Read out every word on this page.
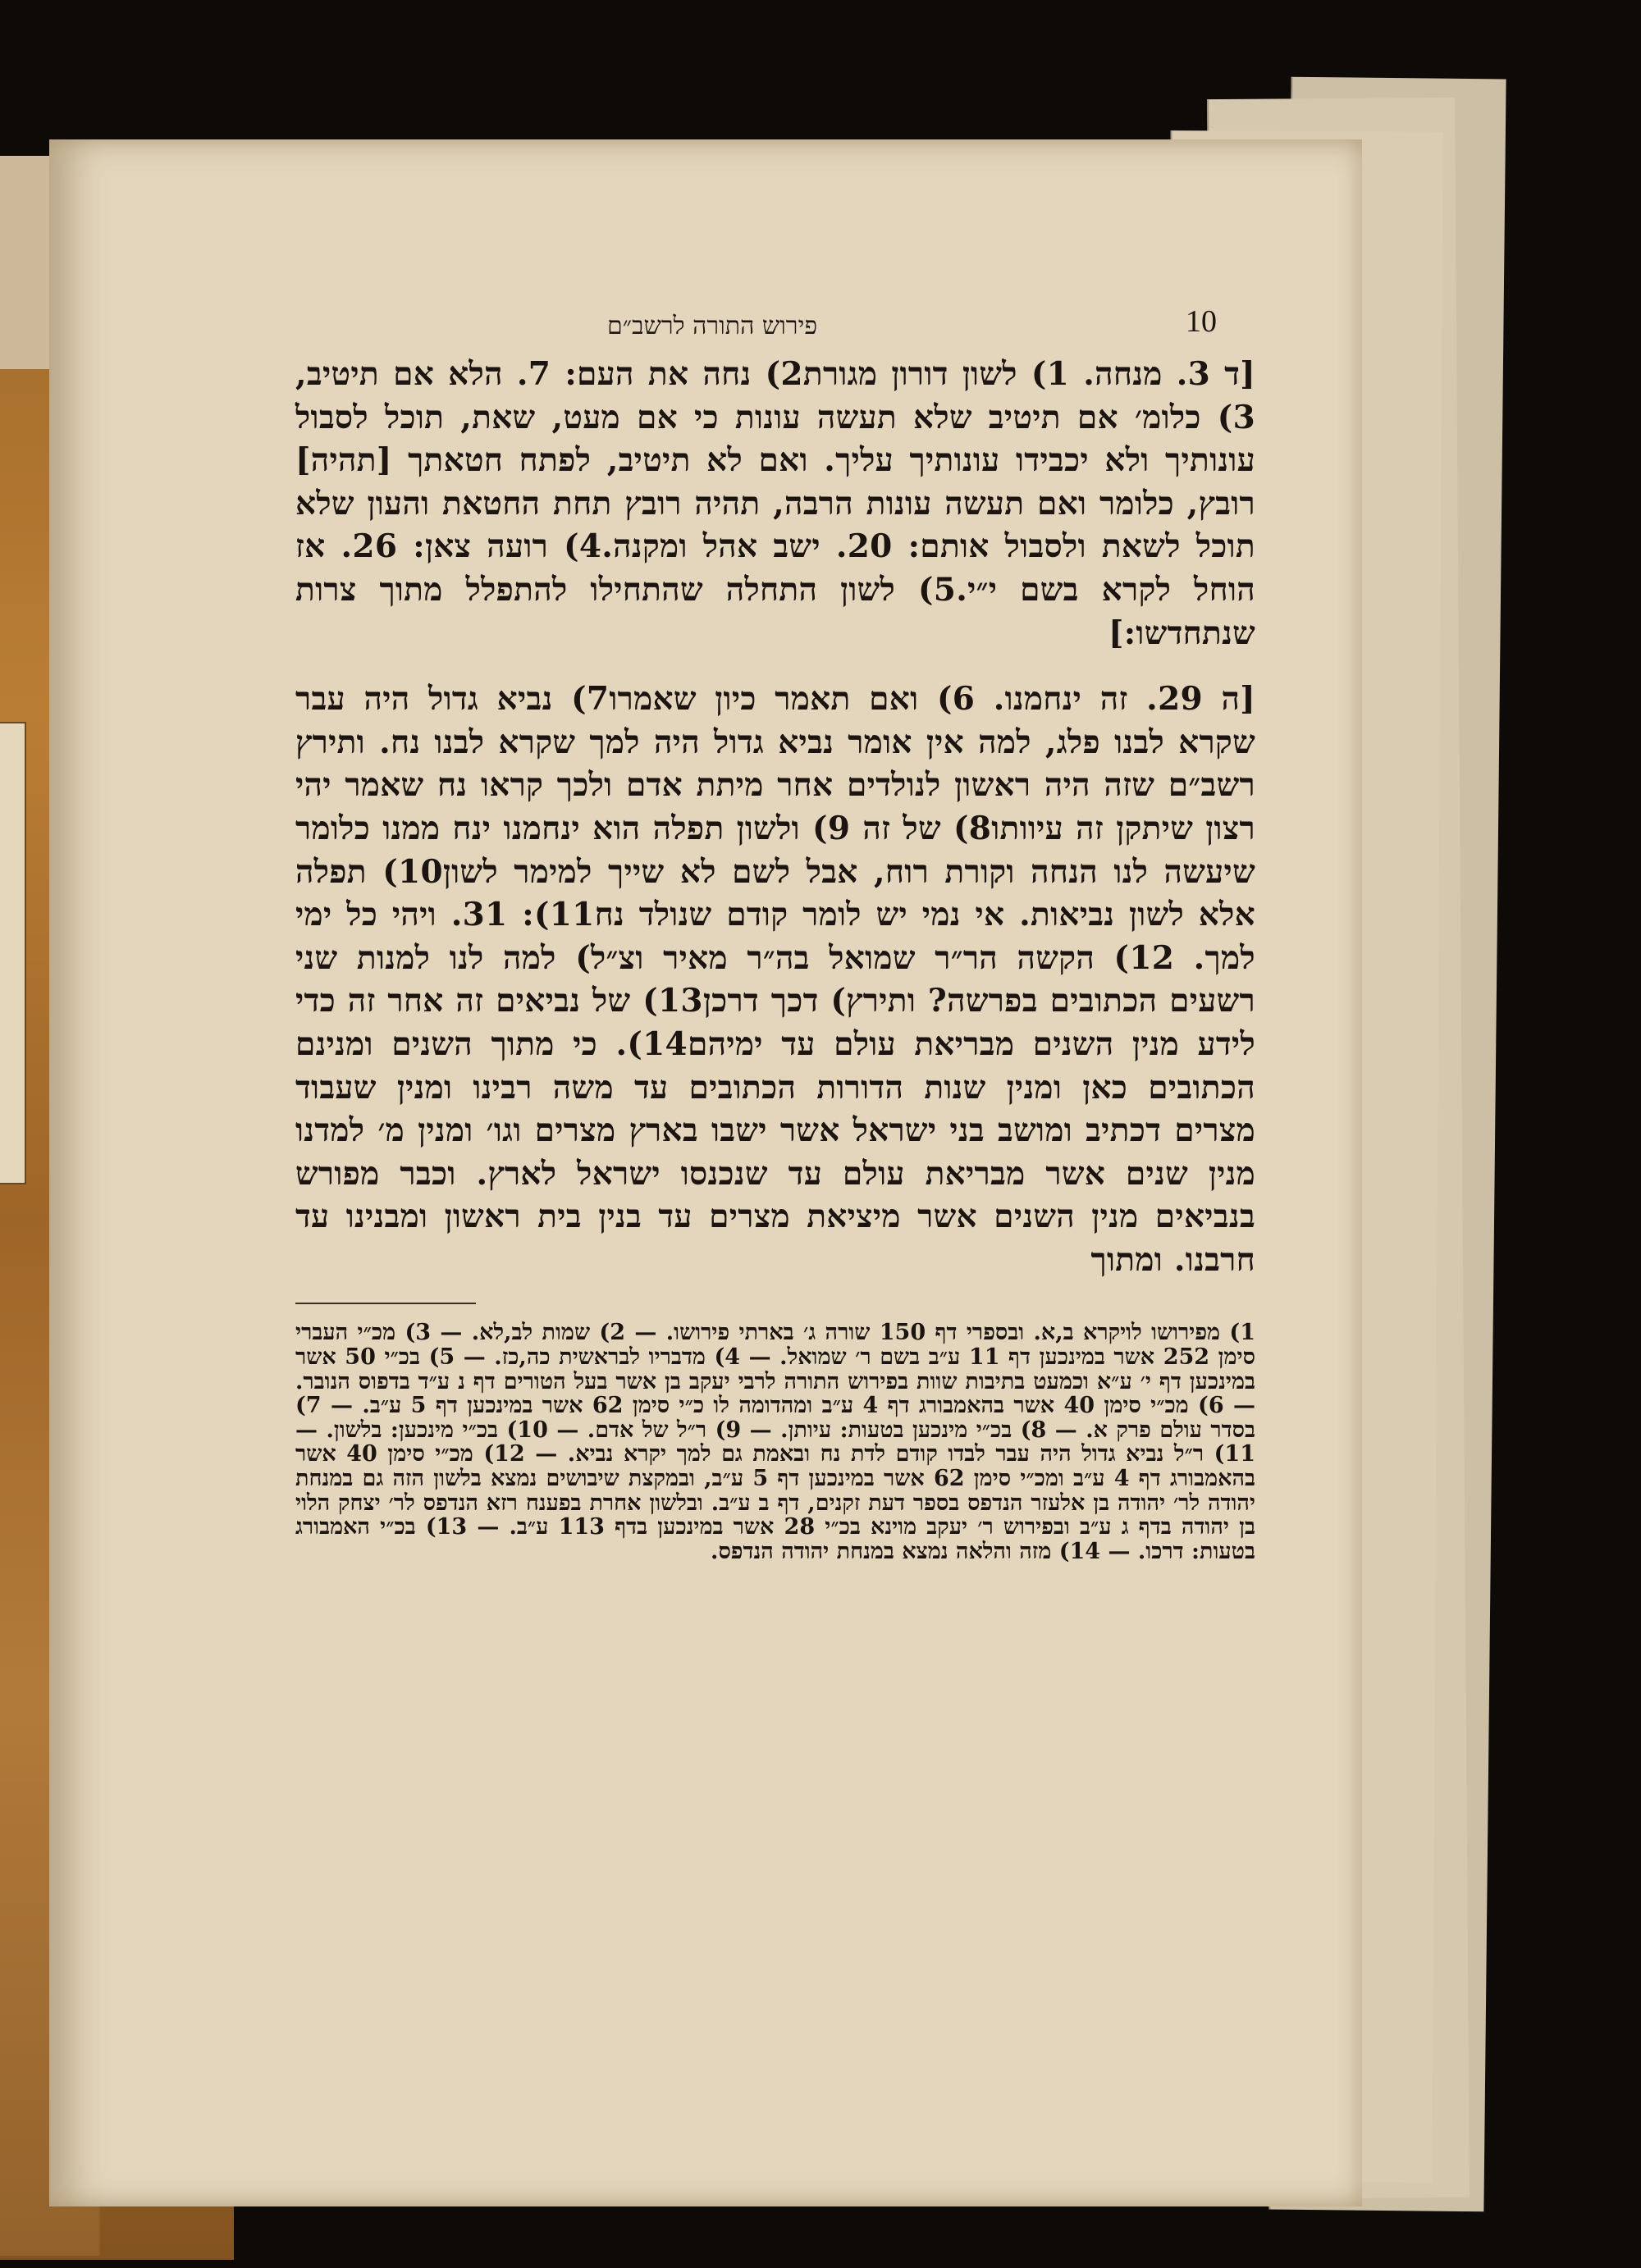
10
פירוש התורה לרשב״ם

[ד 3. מנחה. 1) לשון דורון מגורת2) נחה את העם: 7. הלא אם תיטיב, 3) כלומ׳ אם תיטיב שלא תעשה עונות כי אם מעט, שאת, תוכל לסבול עונותיך ולא יכבידו עונותיך עליך. ואם לא תיטיב, לפתח חטאתך [תהיה] רובץ, כלומר ואם תעשה עונות הרבה, תהיה רובץ תחת החטאת והעון שלא תוכל לשאת ולסבול אותם: 20. ישב אהל ומקנה.4) רועה צאן: 26. אז הוחל לקרא בשם י״י.5) לשון התחלה שהתחילו להתפלל מתוך צרות שנתחדשו:]

[ה 29. זה ינחמנו. 6) ואם תאמר כיון שאמרו7) נביא גדול היה עבר שקרא לבנו פלג, למה אין אומר נביא גדול היה למך שקרא לבנו נח. ותירץ רשב״ם שזה היה ראשון לנולדים אחר מיתת אדם ולכך קראו נח שאמר יהי רצון שיתקן זה עיוותו8) של זה 9) ולשון תפלה הוא ינחמנו ינח ממנו כלומר שיעשה לנו הנחה וקורת רוח, אבל לשם לא שייך למימר לשון10) תפלה אלא לשון נביאות. אי נמי יש לומר קודם שנולד נח11): 31. ויהי כל ימי למך. 12) הקשה הר״ר שמואל בה״ר מאיר וצ״ל) למה לנו למנות שני רשעים הכתובים בפרשה? ותירץ) דכך דרכן13) של נביאים זה אחר זה כדי לידע מנין השנים מבריאת עולם עד ימיהם14). כי מתוך השנים ומנינם הכתובים כאן ומנין שנות הדורות הכתובים עד משה רבינו ומנין שעבוד מצרים דכתיב ומושב בני ישראל אשר ישבו בארץ מצרים וגו׳ ומנין מ׳ למדנו מנין שנים אשר מבריאת עולם עד שנכנסו ישראל לארץ. וכבר מפורש בנביאים מנין השנים אשר מיציאת מצרים עד בנין בית ראשון ומבנינו עד חרבנו. ומתוך

1) מפירושו לויקרא ב,א. ובספרי דף 150 שורה ג׳ בארתי פירושו. — 2) שמות לב,לא. — 3) מכ״י העברי סימן 252 אשר במינכען דף 11 ע״ב בשם ר׳ שמואל. — 4) מדבריו לבראשית כה,כז. — 5) בכ״י 50 אשר במינכען דף י׳ ע״א וכמעט בתיבות שוות בפירוש התורה לרבי יעקב בן אשר בעל הטורים דף נ ע״ד בדפוס הנובר. — 6) מכ״י סימן 40 אשר בהאמבורג דף 4 ע״ב ומהדומה לו כ״י סימן 62 אשר במינכען דף 5 ע״ב. — 7) בסדר עולם פרק א. — 8) בכ״י מינכען בטעות: עיותן. — 9) ר״ל של אדם. — 10) בכ״י מינכען: בלשון. — 11) ר״ל נביא גדול היה עבר לבדו קודם לדת נח ובאמת גם למך יקרא נביא. — 12) מכ״י סימן 40 אשר בהאמבורג דף 4 ע״ב ומכ״י סימן 62 אשר במינכען דף 5 ע״ב, ובמקצת שיבושים נמצא בלשון הזה גם במנחת יהודה לר׳ יהודה בן אלעזר הנדפס בספר דעת זקנים, דף ב ע״ב. ובלשון אחרת בפענח רזא הנדפס לר׳ יצחק הלוי בן יהודה בדף ג ע״ב ובפירוש ר׳ יעקב מוינא בכ״י 28 אשר במינכען בדף 113 ע״ב. — 13) בכ״י האמבורג בטעות: דרכו. — 14) מזה והלאה נמצא במנחת יהודה הנדפס.
